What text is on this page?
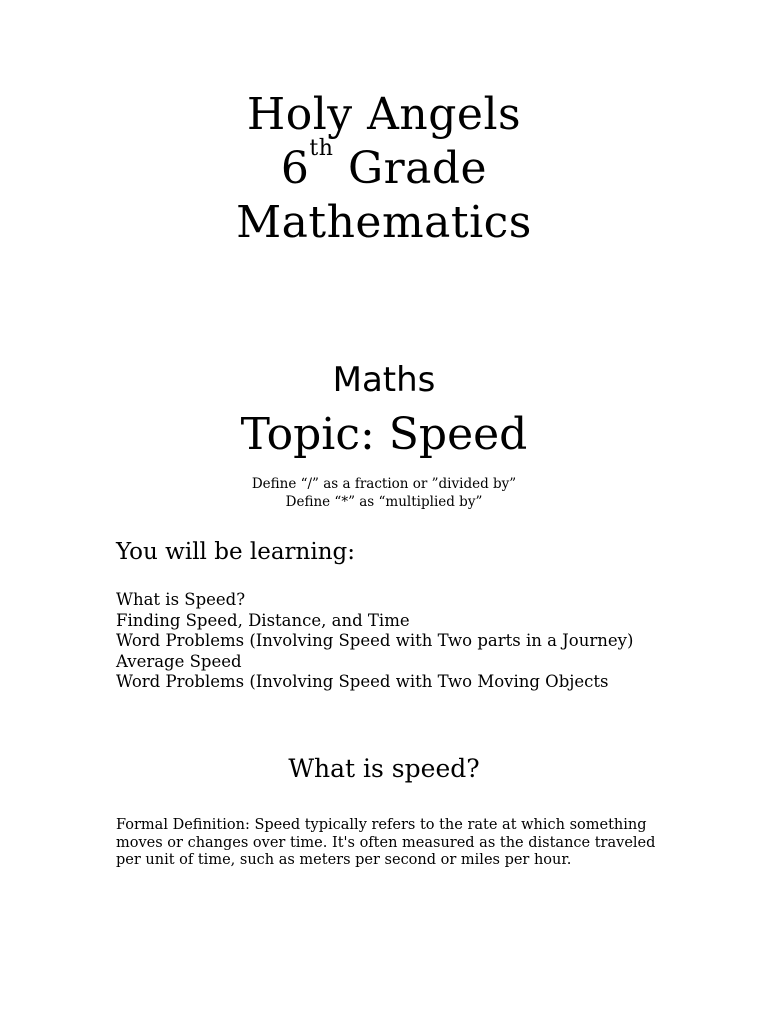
Holy Angels
6th Grade
Mathematics
Maths
Topic: Speed
Define “/” as a fraction or ”divided by”
Define “*” as “multiplied by”
You will be learning:
What is Speed?
Finding Speed, Distance, and Time
Word Problems (Involving Speed with Two parts in a Journey)
Average Speed
Word Problems (Involving Speed with Two Moving Objects
What is speed?

Formal Definition: Speed typically refers to the rate at which something moves or changes over time. It's often measured as the distance traveled per unit of time, such as meters per second or miles per hour.
